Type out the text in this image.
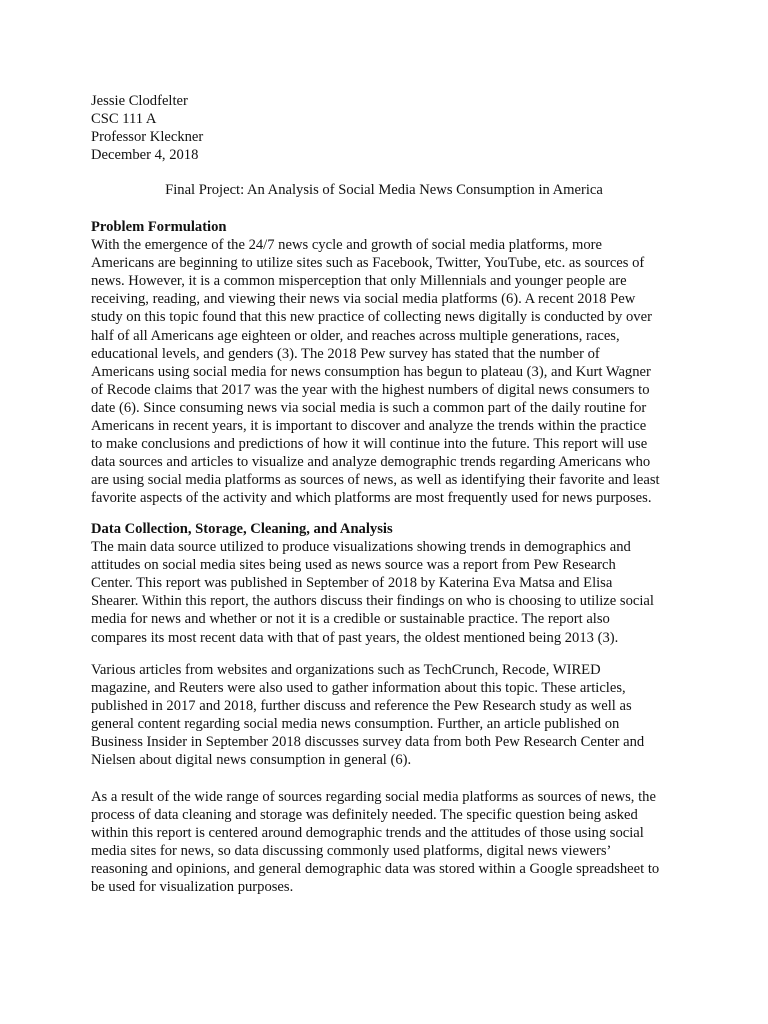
Jessie Clodfelter
CSC 111 A
Professor Kleckner
December 4, 2018
Final Project: An Analysis of Social Media News Consumption in America
Problem Formulation
With the emergence of the 24/7 news cycle and growth of social media platforms, more
Americans are beginning to utilize sites such as Facebook, Twitter, YouTube, etc. as sources of
news. However, it is a common misperception that only Millennials and younger people are
receiving, reading, and viewing their news via social media platforms (6). A recent 2018 Pew
study on this topic found that this new practice of collecting news digitally is conducted by over
half of all Americans age eighteen or older, and reaches across multiple generations, races,
educational levels, and genders (3). The 2018 Pew survey has stated that the number of
Americans using social media for news consumption has begun to plateau (3), and Kurt Wagner
of Recode claims that 2017 was the year with the highest numbers of digital news consumers to
date (6). Since consuming news via social media is such a common part of the daily routine for
Americans in recent years, it is important to discover and analyze the trends within the practice
to make conclusions and predictions of how it will continue into the future. This report will use
data sources and articles to visualize and analyze demographic trends regarding Americans who
are using social media platforms as sources of news, as well as identifying their favorite and least
favorite aspects of the activity and which platforms are most frequently used for news purposes.
Data Collection, Storage, Cleaning, and Analysis
The main data source utilized to produce visualizations showing trends in demographics and
attitudes on social media sites being used as news source was a report from Pew Research
Center. This report was published in September of 2018 by Katerina Eva Matsa and Elisa
Shearer. Within this report, the authors discuss their findings on who is choosing to utilize social
media for news and whether or not it is a credible or sustainable practice. The report also
compares its most recent data with that of past years, the oldest mentioned being 2013 (3).
Various articles from websites and organizations such as TechCrunch, Recode, WIRED
magazine, and Reuters were also used to gather information about this topic. These articles,
published in 2017 and 2018, further discuss and reference the Pew Research study as well as
general content regarding social media news consumption. Further, an article published on
Business Insider in September 2018 discusses survey data from both Pew Research Center and
Nielsen about digital news consumption in general (6).
As a result of the wide range of sources regarding social media platforms as sources of news, the
process of data cleaning and storage was definitely needed. The specific question being asked
within this report is centered around demographic trends and the attitudes of those using social
media sites for news, so data discussing commonly used platforms, digital news viewers’
reasoning and opinions, and general demographic data was stored within a Google spreadsheet to
be used for visualization purposes.
